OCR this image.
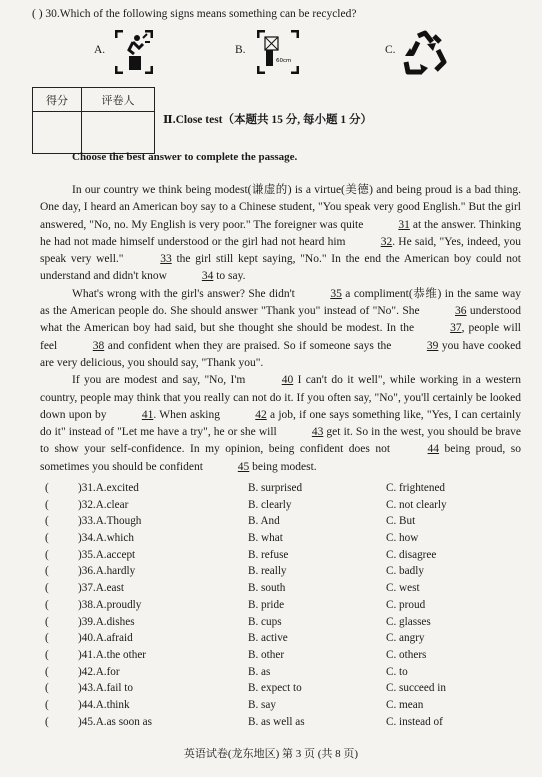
( ) 30.Which of the following signs means something can be recycled?
A.	B.
60cm
C.
得分	评卷人

Ⅱ.Close test（本题共 15 分, 每小题 1 分）
Choose the best answer to complete the passage.

In our country we think being modest(谦虚的) is a virtue(美德) and being proud is a bad thing. One day, I heard an American boy say to a Chinese student, "You speak very good English." But the girl answered, "No, no. My English is very poor." The foreigner was quite	31 at the answer. Thinking he had not made himself understood or the girl had not heard him	32. He said, "Yes, indeed, you speak very well."	33 the girl still kept saying, "No." In the end the American boy could not understand and didn't know	34 to say.

What's wrong with the girl's answer? She didn't	35 a compliment(恭维) in the same way as the American people do. She should answer "Thank you" instead of "No". She	36 understood what the American boy had said, but she thought she should be modest. In the	37, people will feel	38 and confident when they are praised. So if someone says the	39 you have cooked are very delicious, you should say, "Thank you".

If you are modest and say, "No, I'm	40 I can't do it well", while working in a western country, people may think that you really can not do it. If you often say, "No", you'll certainly be looked down upon by	41. When asking	42 a job, if one says something like, "Yes, I can certainly do it" instead of "Let me have a try", he or she will	43 get it. So in the west, you should be brave to show your self-confidence. In my opinion, being confident does not	44 being proud, so sometimes you should be confident	45 being modest.

(	)31.A.excited	B. surprised	C. frightened
(	)32.A.clear	B. clearly	C. not clearly
(	)33.A.Though	B. And	C. But
(	)34.A.which	B. what	C. how
(	)35.A.accept	B. refuse	C. disagree
(	)36.A.hardly	B. really	C. badly
(	)37.A.east	B. south	C. west
(	)38.A.proudly	B. pride	C. proud
(	)39.A.dishes	B. cups	C. glasses
(	)40.A.afraid	B. active	C. angry
(	)41.A.the other	B. other	C. others
(	)42.A.for	B. as	C. to
(	)43.A.fail to	B. expect to	C. succeed in
(	)44.A.think	B. say	C. mean
(	)45.A.as soon as	B. as well as	C. instead of
英语试卷(龙东地区) 第 3 页 (共 8 页)
